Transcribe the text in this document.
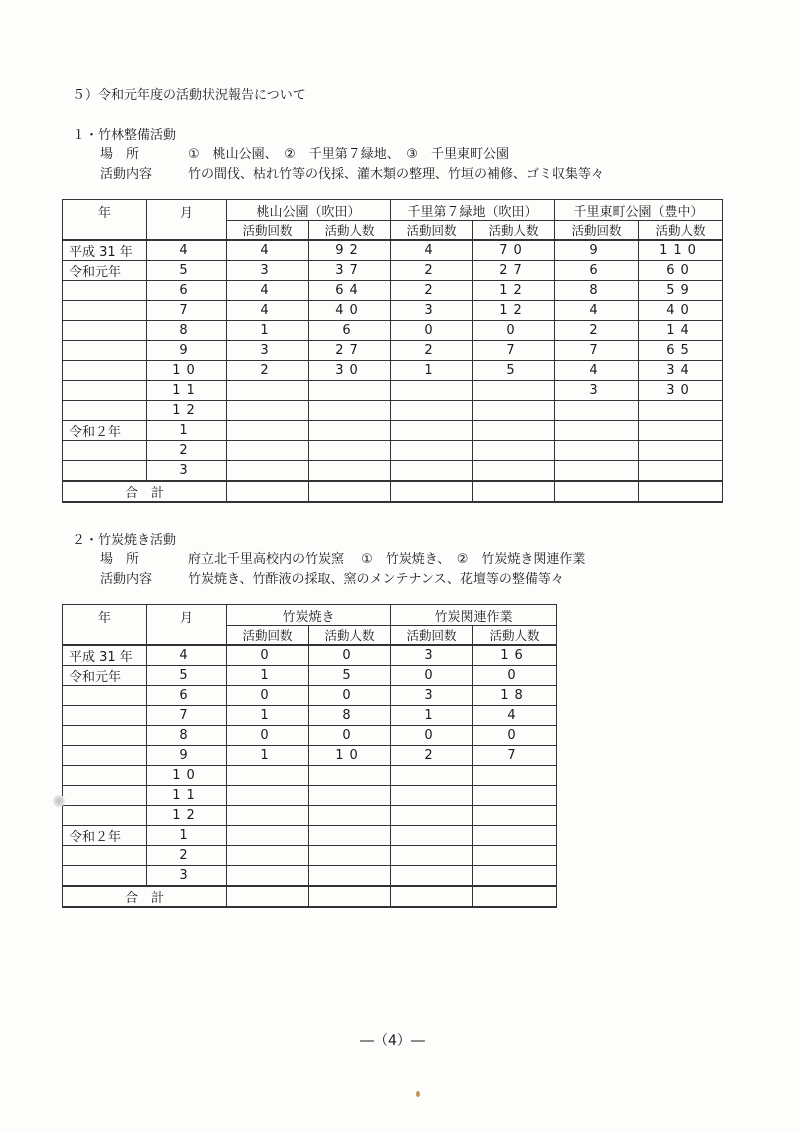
５）令和元年度の活動状況報告について
１・竹林整備活動
場　所	①　桃山公園、　②　千里第７緑地、　③　千里東町公園
活動内容	竹の間伐、枯れ竹等の伐採、灌木類の整理、竹垣の補修、ゴミ収集等々
年	月	桃山公園（吹田）		千里第７緑地（吹田）		千里東町公園（豊中）	
		活動回数	活動人数	活動回数	活動人数	活動回数	活動人数
平成 31 年	4	4	92	4	70	9	110
令和元年	5	3	37	2	27	6	60
	6	4	64	2	12	8	59
	7	4	40	3	12	4	40
	8	1	6	0	0	2	14
	9	3	27	2	7	7	65
	10	2	30	1	5	4	34
	11					3	30
	12						
令和２年	1						
	2						
	3						
合　計							
２・竹炭焼き活動
場　所	府立北千里高校内の竹炭窯　 ①　竹炭焼き、　②　竹炭焼き関連作業
活動内容	竹炭焼き、竹酢液の採取、窯のメンテナンス、花壇等の整備等々
年	月	竹炭焼き		竹炭関連作業	
		活動回数	活動人数	活動回数	活動人数
平成 31 年	4	0	0	3	16
令和元年	5	1	5	0	0
	6	0	0	3	18
	7	1	8	1	4
	8	0	0	0	0
	9	1	10	2	7
	10				
	11				
	12				
令和２年	1				
	2				
	3				
合　計					
―（4）―
